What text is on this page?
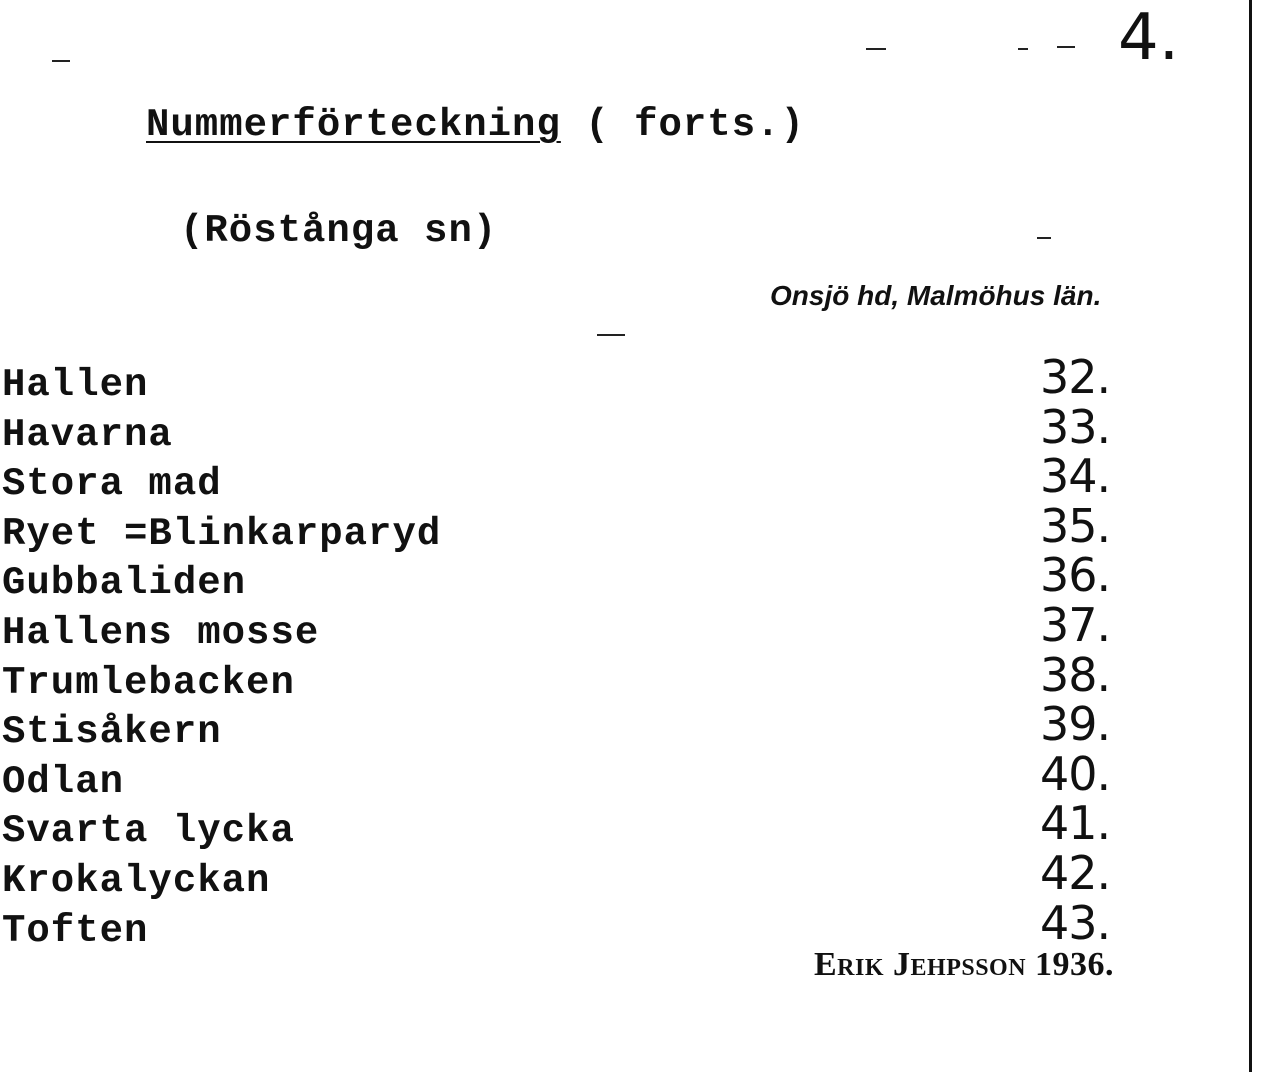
4.
Nummerförteckning ( forts.)
(Röstånga sn)
Onsjö hd, Malmöhus län.
Hallen	32.
Havarna	33.
Stora mad	34.
Ryet =Blinkarparyd	35.
Gubbaliden	36.
Hallens mosse	37.
Trumlebacken	38.
Stisåkern	39.
Odlan	40.
Svarta lycka	41.
Krokalyckan	42.
Toften	43.
Erik Jehpsson 1936.
